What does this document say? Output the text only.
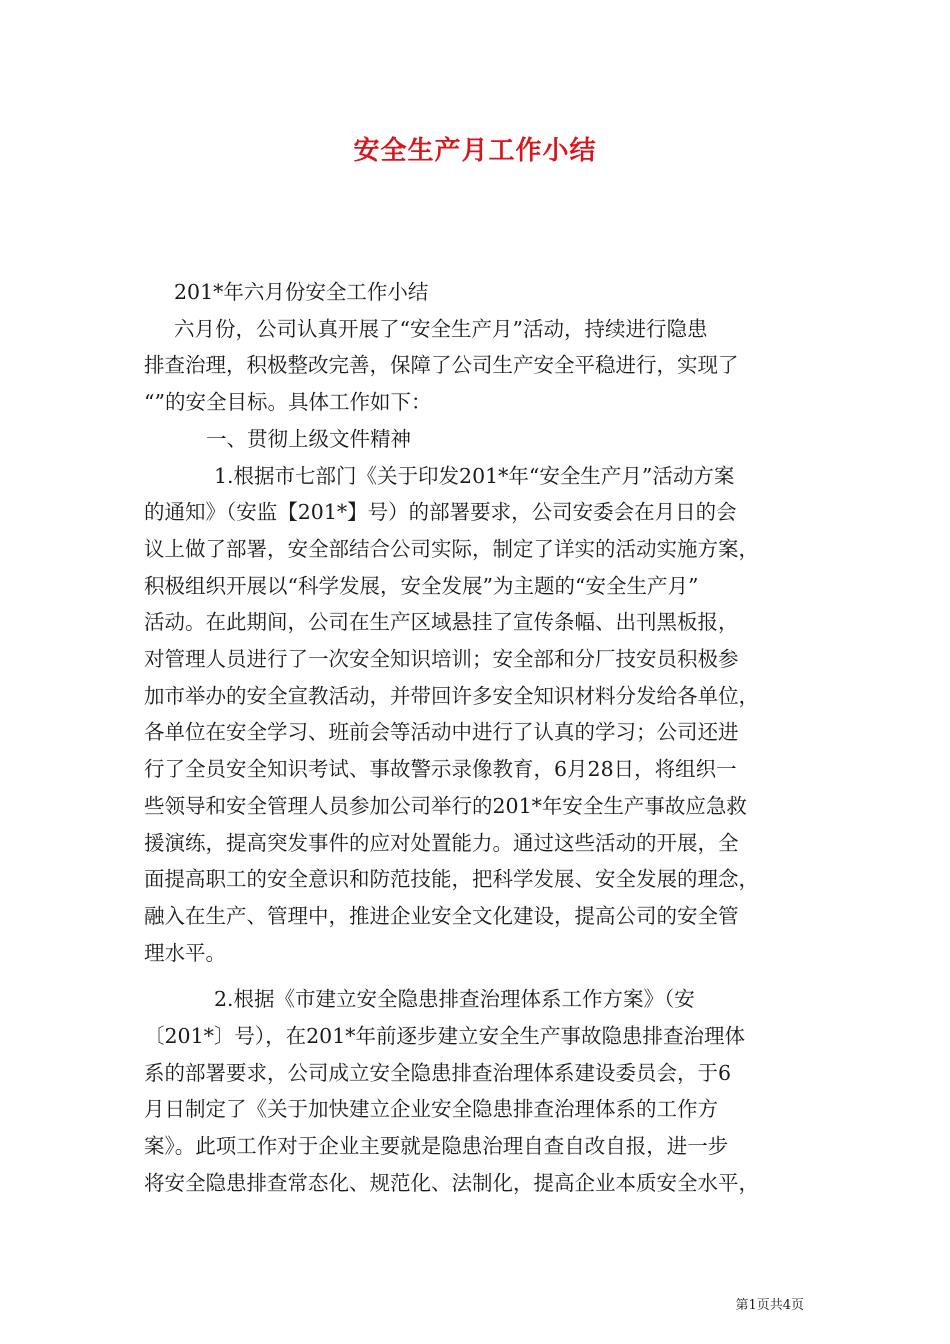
安全生产月工作小结
201*年六月份安全工作小结
六月份，公司认真开展了“安全生产月”活动，持续进行隐患
排查治理，积极整改完善，保障了公司生产安全平稳进行，实现了
“”的安全目标。具体工作如下：
一、贯彻上级文件精神
1.根据市七部门《关于印发201*年“安全生产月”活动方案
的通知》（安监【201*】号）的部署要求，公司安委会在月日的会
议上做了部署，安全部结合公司实际，制定了详实的活动实施方案，
积极组织开展以“科学发展，安全发展”为主题的“安全生产月”
活动。在此期间，公司在生产区域悬挂了宣传条幅、出刊黑板报，
对管理人员进行了一次安全知识培训；安全部和分厂技安员积极参
加市举办的安全宣教活动，并带回许多安全知识材料分发给各单位，
各单位在安全学习、班前会等活动中进行了认真的学习；公司还进
行了全员安全知识考试、事故警示录像教育，6月28日，将组织一
些领导和安全管理人员参加公司举行的201*年安全生产事故应急救
援演练，提高突发事件的应对处置能力。通过这些活动的开展，全
面提高职工的安全意识和防范技能，把科学发展、安全发展的理念，
融入在生产、管理中，推进企业安全文化建设，提高公司的安全管
理水平。
2.根据《市建立安全隐患排查治理体系工作方案》（安
〔201*〕号），在201*年前逐步建立安全生产事故隐患排查治理体
系的部署要求，公司成立安全隐患排查治理体系建设委员会，于6
月日制定了《关于加快建立企业安全隐患排查治理体系的工作方
案》。此项工作对于企业主要就是隐患治理自查自改自报，进一步
将安全隐患排查常态化、规范化、法制化，提高企业本质安全水平，
第1页共4页
